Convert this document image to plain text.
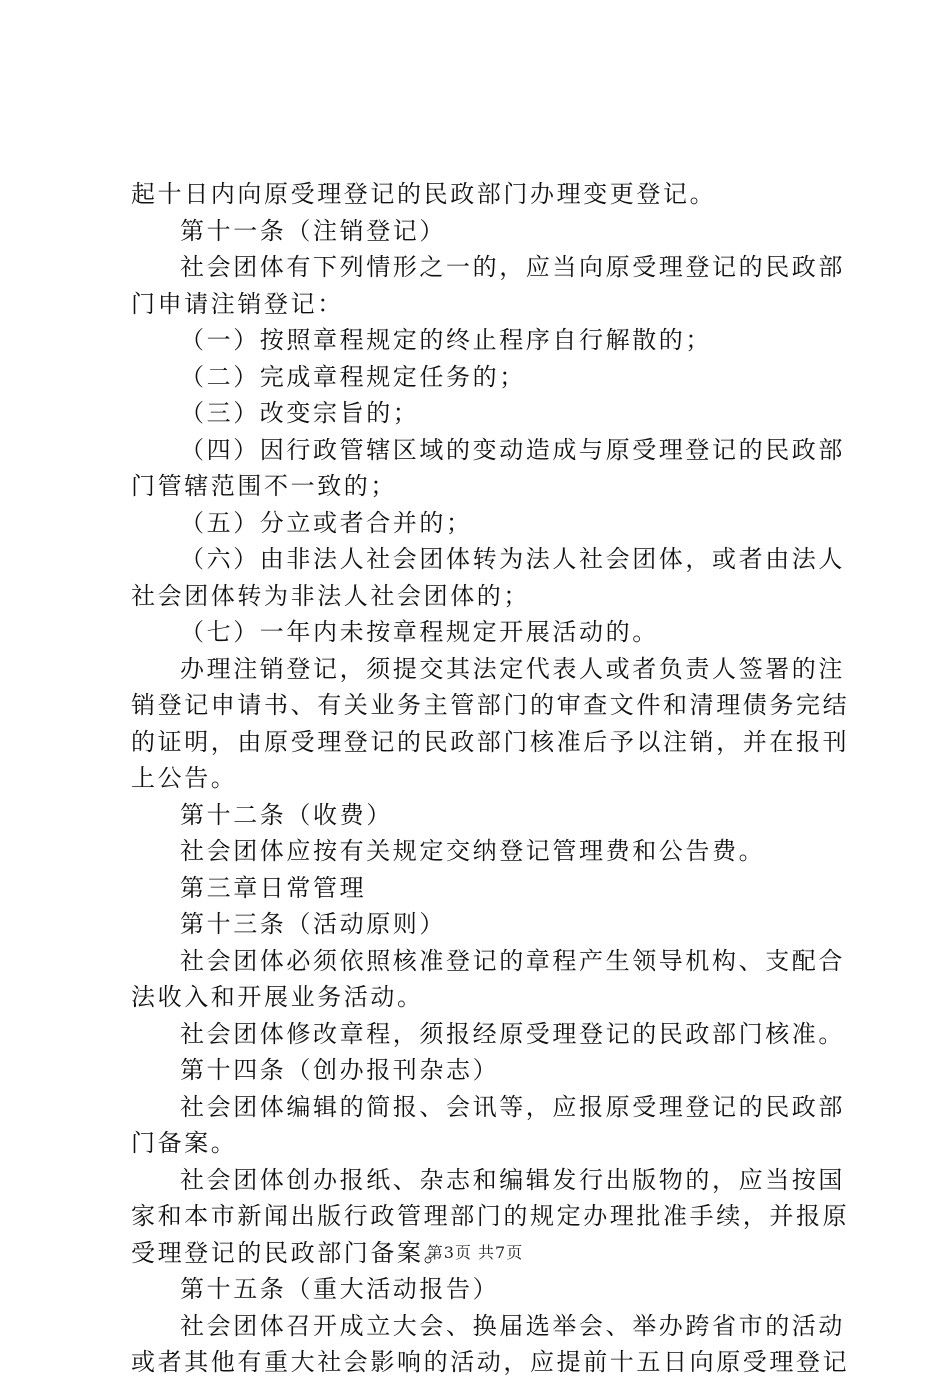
起十日内向原受理登记的民政部门办理变更登记。
第十一条（注销登记）
社会团体有下列情形之一的，应当向原受理登记的民政部
门申请注销登记：
（一）按照章程规定的终止程序自行解散的；
（二）完成章程规定任务的；
（三）改变宗旨的；
（四）因行政管辖区域的变动造成与原受理登记的民政部
门管辖范围不一致的；
（五）分立或者合并的；
（六）由非法人社会团体转为法人社会团体，或者由法人
社会团体转为非法人社会团体的；
（七）一年内未按章程规定开展活动的。
办理注销登记，须提交其法定代表人或者负责人签署的注
销登记申请书、有关业务主管部门的审查文件和清理债务完结
的证明，由原受理登记的民政部门核准后予以注销，并在报刊
上公告。
第十二条（收费）
社会团体应按有关规定交纳登记管理费和公告费。
第三章日常管理
第十三条（活动原则）
社会团体必须依照核准登记的章程产生领导机构、支配合
法收入和开展业务活动。
社会团体修改章程，须报经原受理登记的民政部门核准。
第十四条（创办报刊杂志）
社会团体编辑的简报、会讯等，应报原受理登记的民政部
门备案。
社会团体创办报纸、杂志和编辑发行出版物的，应当按国
家和本市新闻出版行政管理部门的规定办理批准手续，并报原
受理登记的民政部门备案。
第十五条（重大活动报告）
社会团体召开成立大会、换届选举会、举办跨省市的活动
或者其他有重大社会影响的活动，应提前十五日向原受理登记
第3页 共7页
